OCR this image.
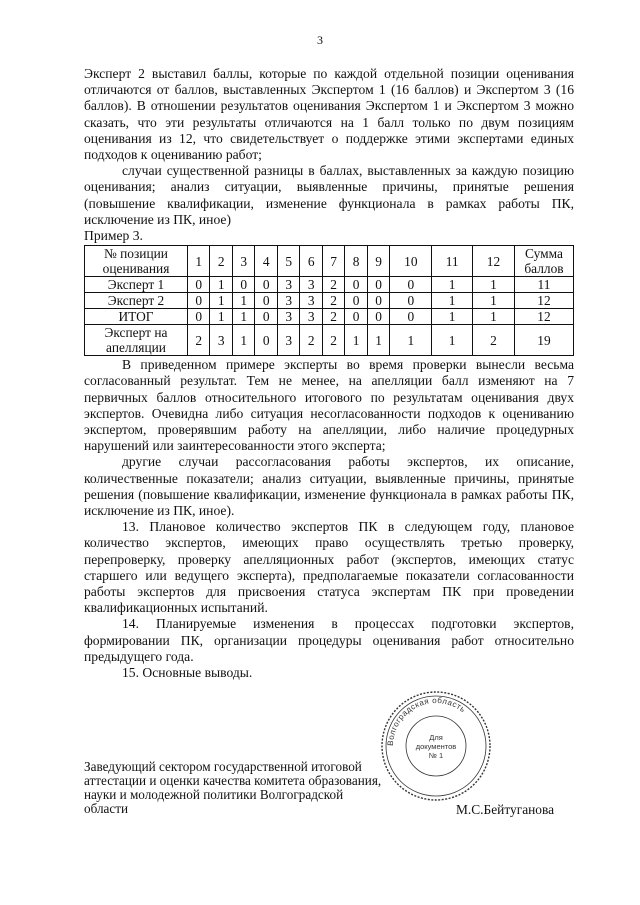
3

Эксперт 2 выставил баллы, которые по каждой отдельной позиции оценивания отличаются от баллов, выставленных Экспертом 1 (16 баллов) и Экспертом 3 (16 баллов). В отношении результатов оценивания Экспертом 1 и Экспертом 3 можно сказать, что эти результаты отличаются на 1 балл только по двум позициям оценивания из 12, что свидетельствует о поддержке этими экспертами единых подходов к оцениванию работ;

случаи существенной разницы в баллах, выставленных за каждую позицию оценивания; анализ ситуации, выявленные причины, принятые решения (повышение квалификации, изменение функционала в рамках работы ПК, исключение из ПК, иное)

Пример 3.

№ позиции оценивания	1	2	3	4	5	6	7	8	9	10	11	12	Сумма баллов
Эксперт 1	0	1	0	0	3	3	2	0	0	0	1	1	11
Эксперт 2	0	1	1	0	3	3	2	0	0	0	1	1	12
ИТОГ	0	1	1	0	3	3	2	0	0	0	1	1	12
Эксперт на апелляции	2	3	1	0	3	2	2	1	1	1	1	2	19

В приведенном примере эксперты во время проверки вынесли весьма согласованный результат. Тем не менее, на апелляции балл изменяют на 7 первичных баллов относительного итогового по результатам оценивания двух экспертов. Очевидна либо ситуация несогласованности подходов к оцениванию экспертом, проверявшим работу на апелляции, либо наличие процедурных нарушений или заинтересованности этого эксперта;

другие случаи рассогласования работы экспертов, их описание, количественные показатели; анализ ситуации, выявленные причины, принятые решения (повышение квалификации, изменение функционала в рамках работы ПК, исключение из ПК, иное).

13. Плановое количество экспертов ПК в следующем году, плановое количество экспертов, имеющих право осуществлять третью проверку, перепроверку, проверку апелляционных работ (экспертов, имеющих статус старшего или ведущего эксперта), предполагаемые показатели согласованности работы экспертов для присвоения статуса экспертам ПК при проведении квалификационных испытаний.

14. Планируемые изменения в процессах подготовки экспертов, формировании ПК, организации процедуры оценивания работ относительно предыдущего года.

15. Основные выводы.

Волгоградская область
Для
документов
№ 1
Заведующий сектором государственной итоговой аттестации и оценки качества комитета образования, науки и молодежной политики Волгоградской области	М.С.Бейтуганова
